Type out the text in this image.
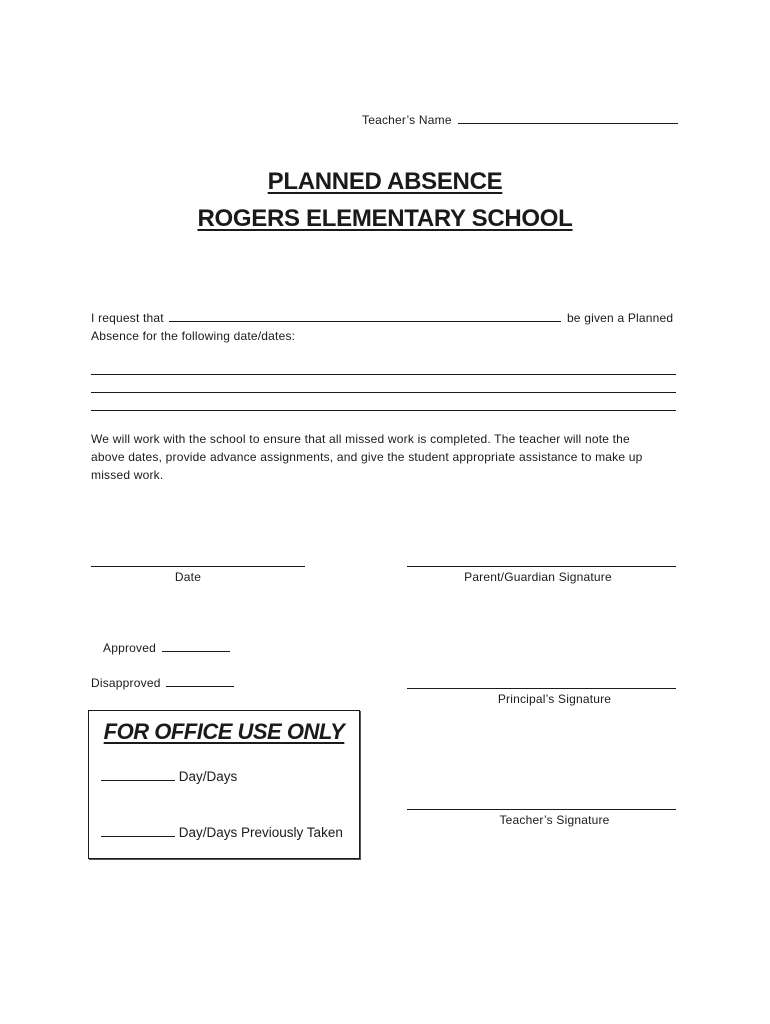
Teacher’s Name
PLANNED ABSENCE
ROGERS ELEMENTARY SCHOOL
I request that	be given a Planned
Absence for the following date/dates:
We will work with the school to ensure that all missed work is completed. The teacher will note the above dates, provide advance assignments, and give the student appropriate assistance to make up missed work.
Date	Parent/Guardian Signature
Approved
Disapproved
Principal’s Signature
FOR OFFICE USE ONLY
Day/Days
Day/Days Previously Taken
Teacher’s Signature
